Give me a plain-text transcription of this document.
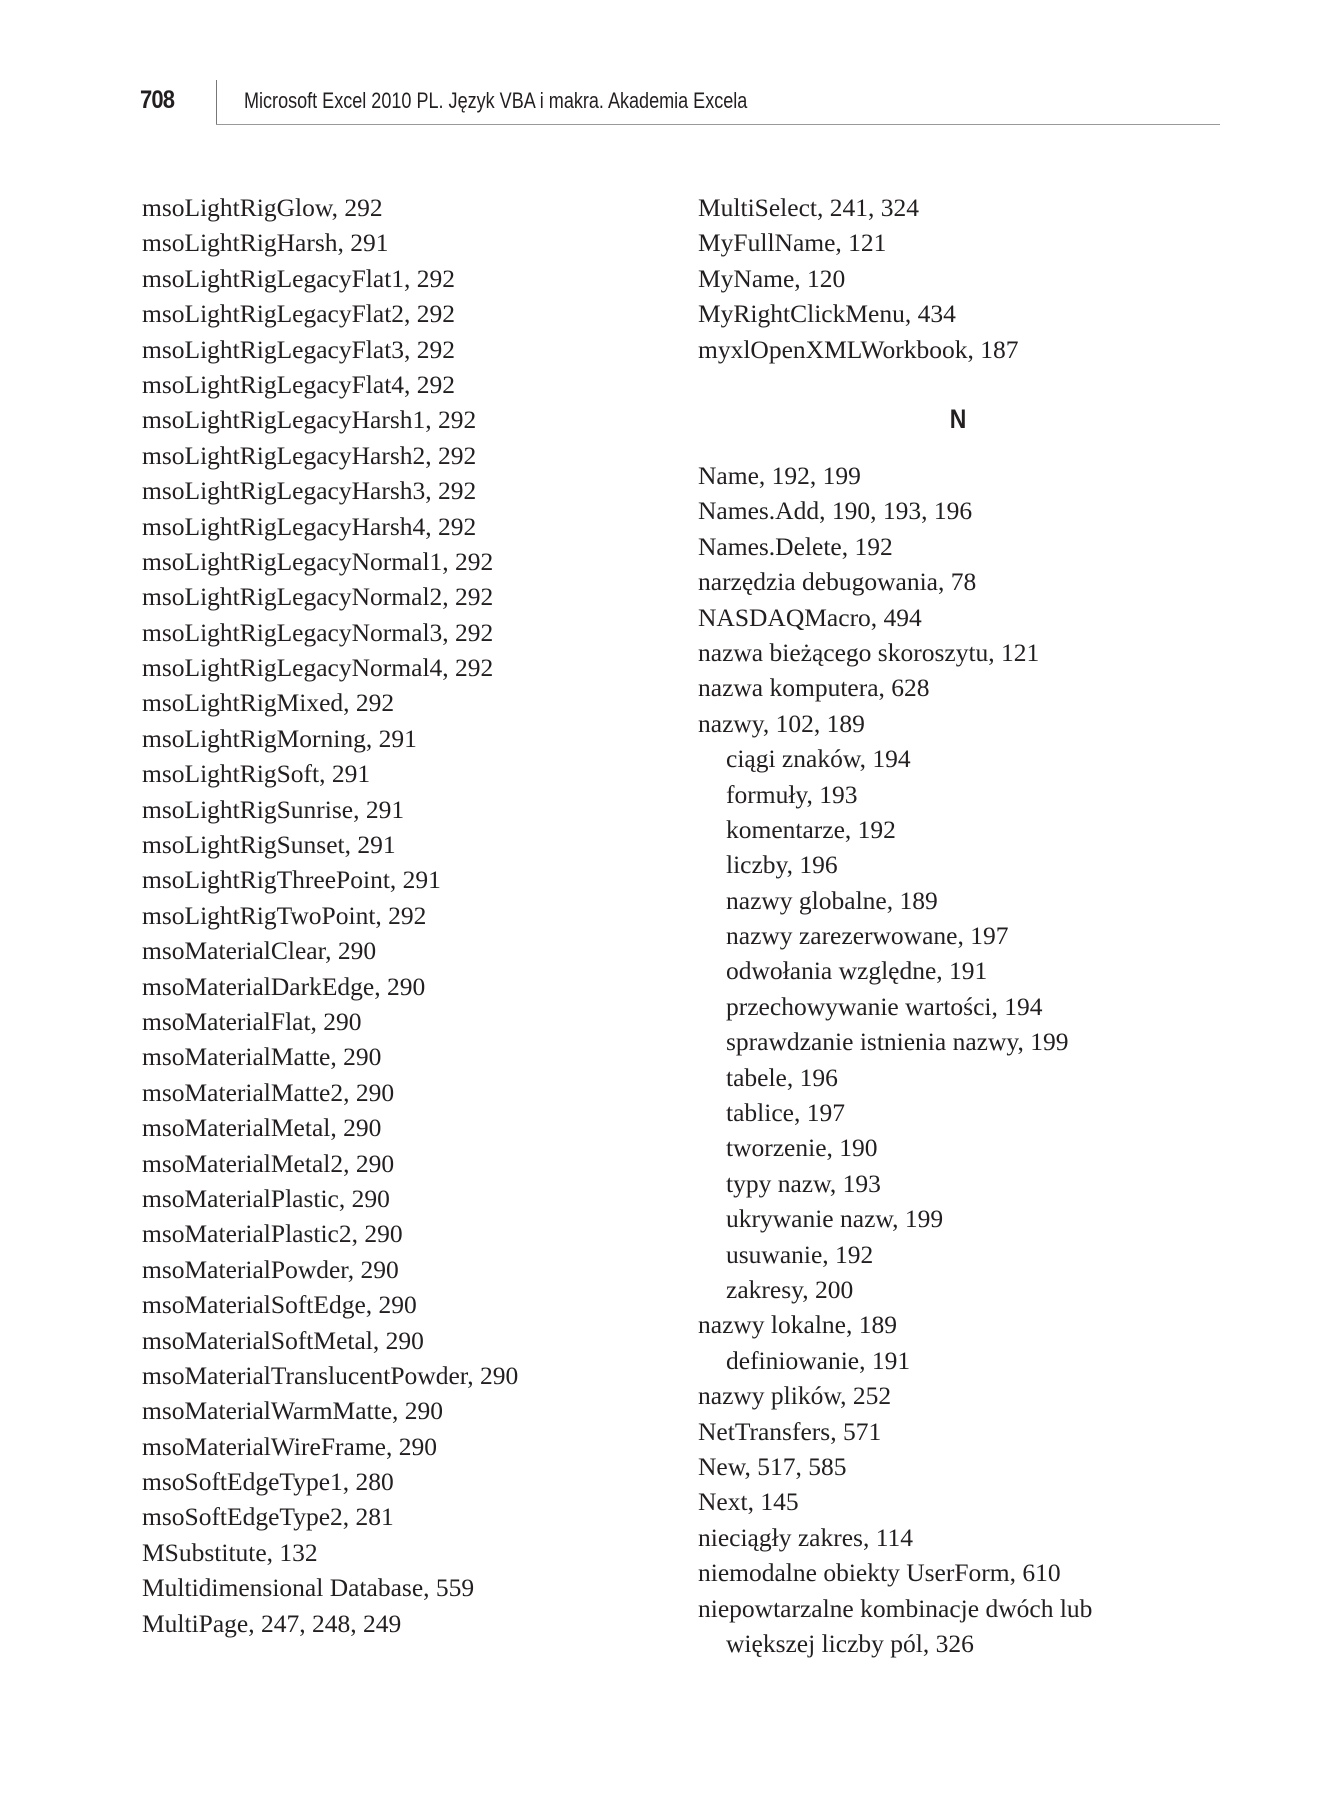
708	Microsoft Excel 2010 PL. Język VBA i makra. Akademia Excela
msoLightRigGlow, 292
msoLightRigHarsh, 291
msoLightRigLegacyFlat1, 292
msoLightRigLegacyFlat2, 292
msoLightRigLegacyFlat3, 292
msoLightRigLegacyFlat4, 292
msoLightRigLegacyHarsh1, 292
msoLightRigLegacyHarsh2, 292
msoLightRigLegacyHarsh3, 292
msoLightRigLegacyHarsh4, 292
msoLightRigLegacyNormal1, 292
msoLightRigLegacyNormal2, 292
msoLightRigLegacyNormal3, 292
msoLightRigLegacyNormal4, 292
msoLightRigMixed, 292
msoLightRigMorning, 291
msoLightRigSoft, 291
msoLightRigSunrise, 291
msoLightRigSunset, 291
msoLightRigThreePoint, 291
msoLightRigTwoPoint, 292
msoMaterialClear, 290
msoMaterialDarkEdge, 290
msoMaterialFlat, 290
msoMaterialMatte, 290
msoMaterialMatte2, 290
msoMaterialMetal, 290
msoMaterialMetal2, 290
msoMaterialPlastic, 290
msoMaterialPlastic2, 290
msoMaterialPowder, 290
msoMaterialSoftEdge, 290
msoMaterialSoftMetal, 290
msoMaterialTranslucentPowder, 290
msoMaterialWarmMatte, 290
msoMaterialWireFrame, 290
msoSoftEdgeType1, 280
msoSoftEdgeType2, 281
MSubstitute, 132
Multidimensional Database, 559
MultiPage, 247, 248, 249
MultiSelect, 241, 324
MyFullName, 121
MyName, 120
MyRightClickMenu, 434
myxlOpenXMLWorkbook, 187
N
Name, 192, 199
Names.Add, 190, 193, 196
Names.Delete, 192
narzędzia debugowania, 78
NASDAQMacro, 494
nazwa bieżącego skoroszytu, 121
nazwa komputera, 628
nazwy, 102, 189
ciągi znaków, 194
formuły, 193
komentarze, 192
liczby, 196
nazwy globalne, 189
nazwy zarezerwowane, 197
odwołania względne, 191
przechowywanie wartości, 194
sprawdzanie istnienia nazwy, 199
tabele, 196
tablice, 197
tworzenie, 190
typy nazw, 193
ukrywanie nazw, 199
usuwanie, 192
zakresy, 200
nazwy lokalne, 189
definiowanie, 191
nazwy plików, 252
NetTransfers, 571
New, 517, 585
Next, 145
nieciągły zakres, 114
niemodalne obiekty UserForm, 610
niepowtarzalne kombinacje dwóch lub
większej liczby pól, 326
